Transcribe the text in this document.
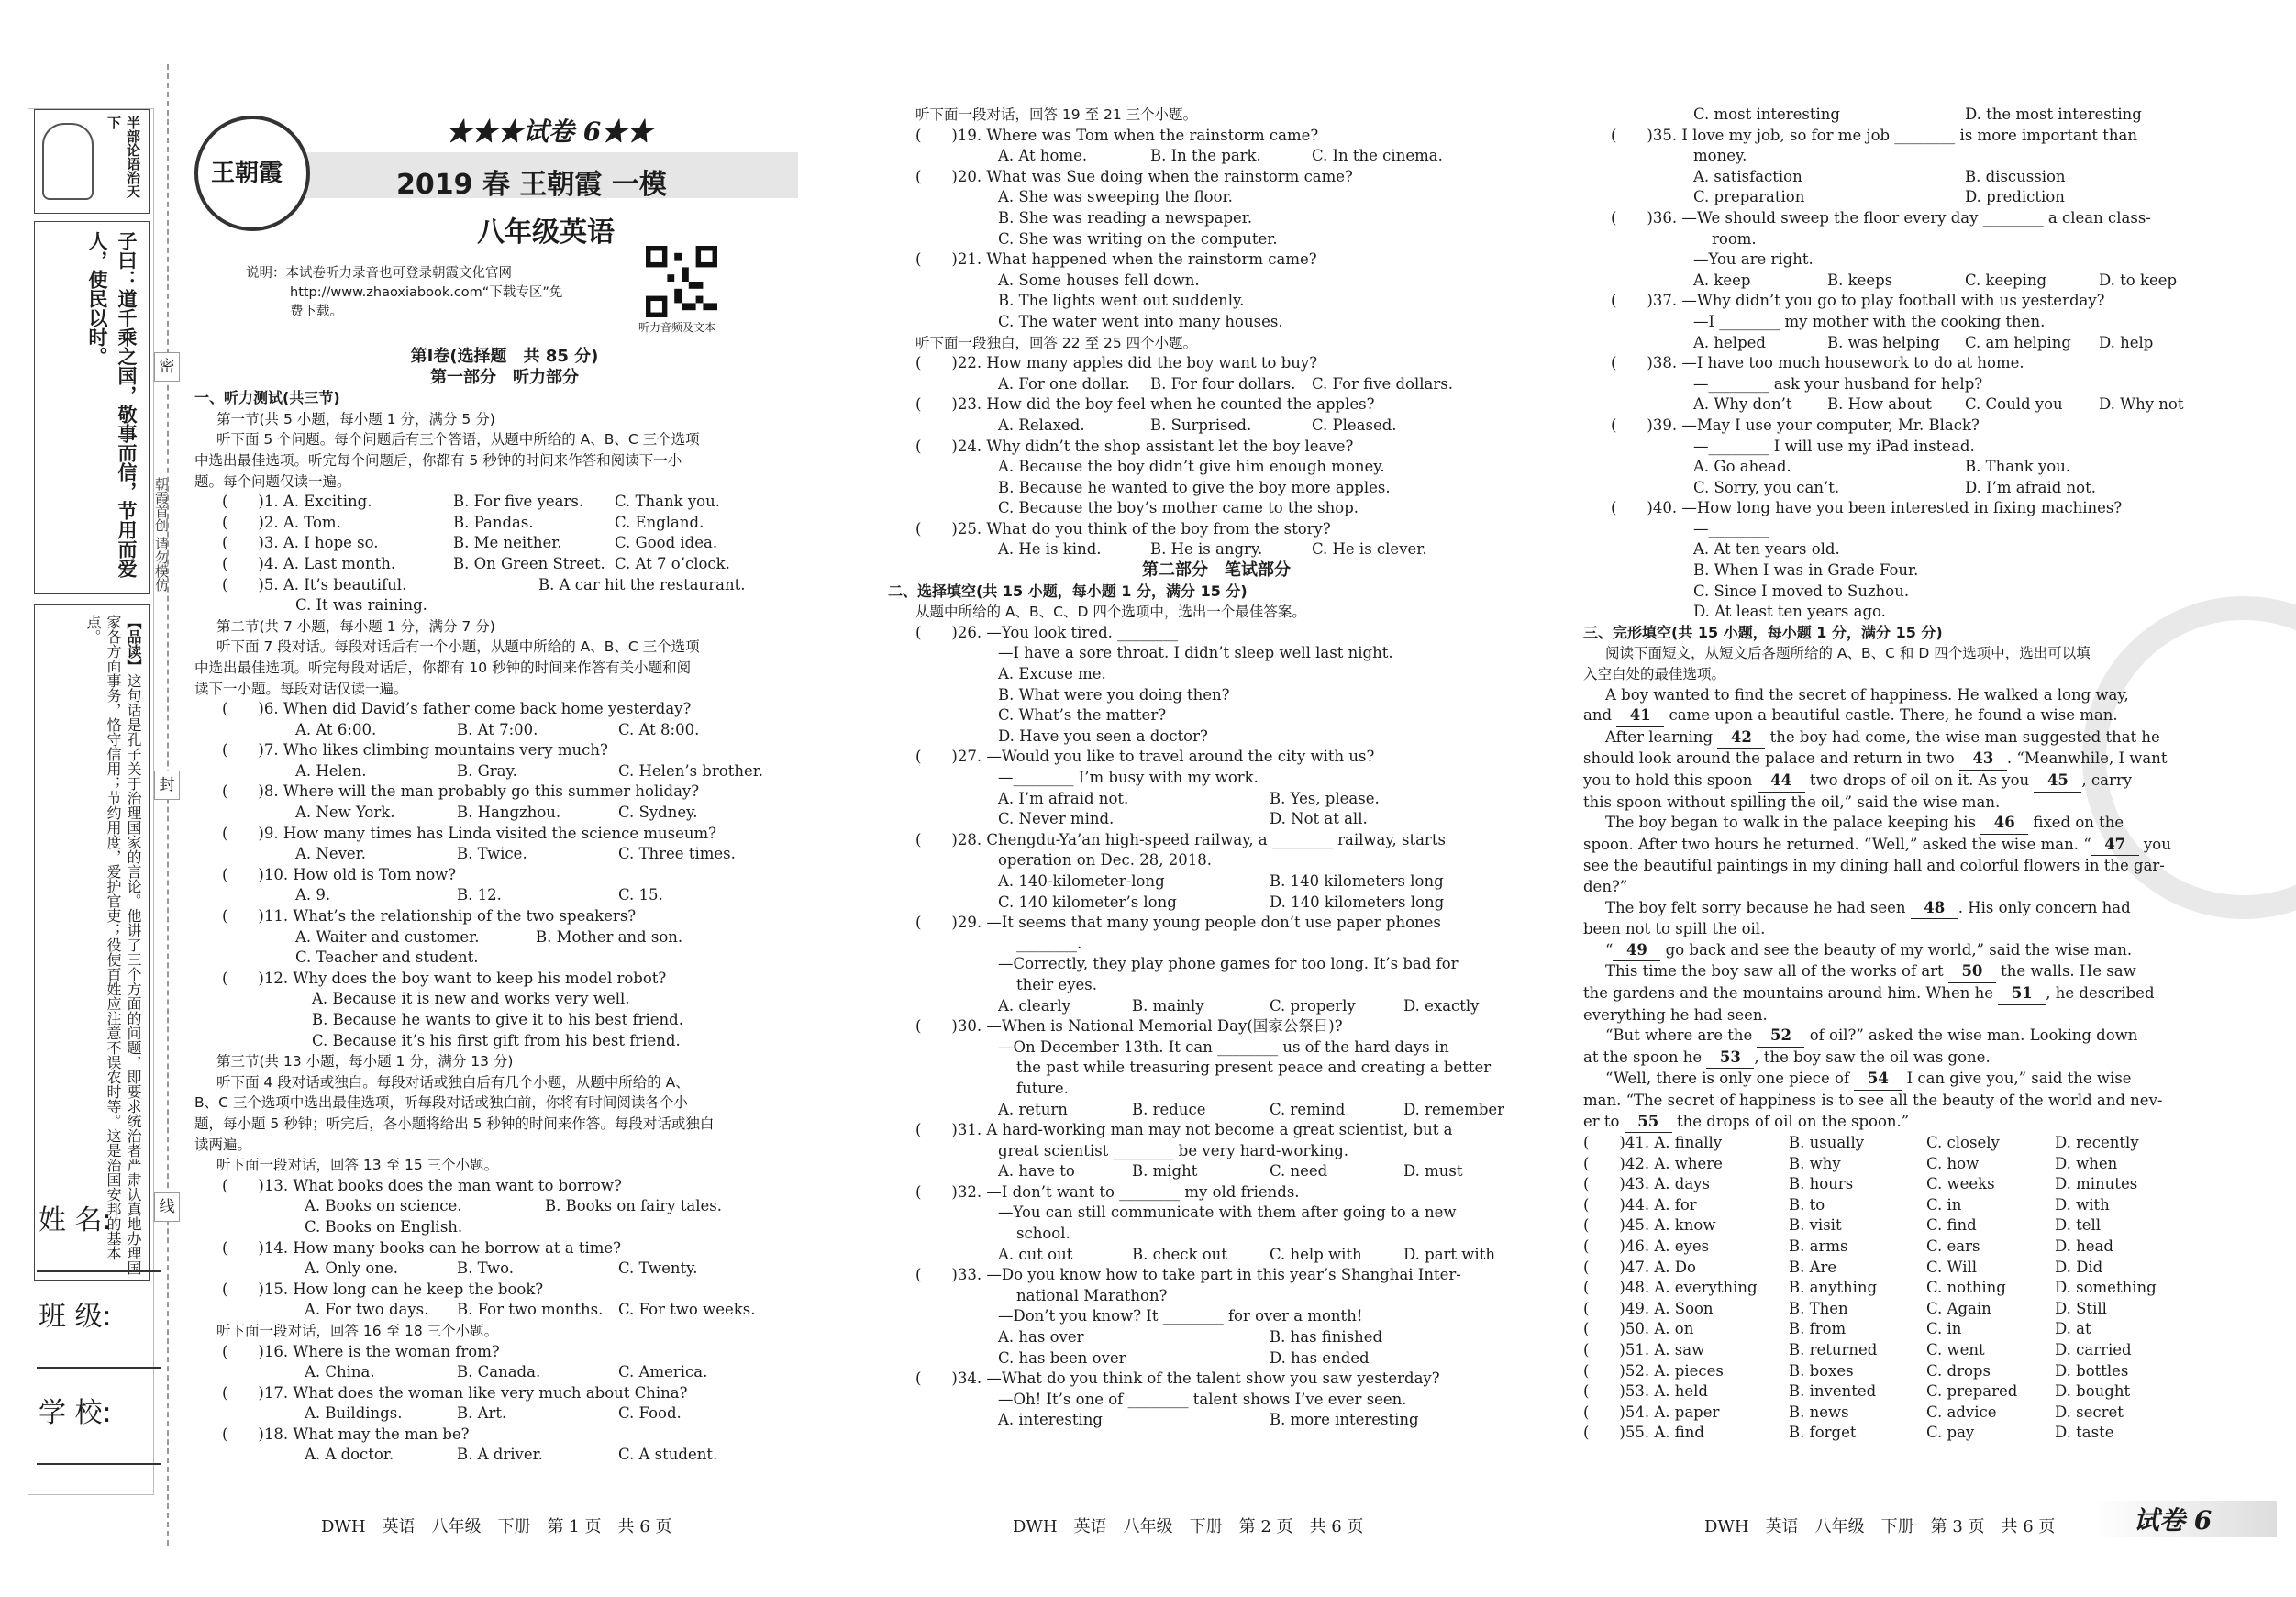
半部论语治天下
子曰：道千乘之国，敬事而信，节用而爱人，使民以时。
【品读】这句话是孔子关于治理国家的言论。他讲了三个方面的问题，即要求统治者严肃认真地办理国家各方面事务，恪守信用；节约用度，爱护官吏；役使百姓应注意不误农时等。这是治国安邦的基本点。
朝霞首创 请勿模仿
姓 名:
班 级:
学 校:
密
封
线
王朝霞
★★★试卷 6★★
2019 春 王朝霞 一模
八年级英语
说明：本试卷听力录音也可登录朝霞文化官网
http://www.zhaoxiabook.com“下载专区”免
费下载。
听力音频及文本
第Ⅰ卷(选择题　共 85 分)
第一部分　听力部分

一、听力测试(共三节)

第一节(共 5 小题，每小题 1 分，满分 5 分)

听下面 5 个问题。每个问题后有三个答语，从题中所给的 A、B、C 三个选项

中选出最佳选项。听完每个问题后，你都有 5 秒钟的时间来作答和阅读下一小

题。每个问题仅读一遍。

(　　)1. A. Exciting.	B. For five years.	C. Thank you.
(　　)2. A. Tom.	B. Pandas.	C. England.
(　　)3. A. I hope so.	B. Me neither.	C. Good idea.
(　　)4. A. Last month.	B. On Green Street. C. At 7 o’clock.
(　　)5. A. It’s beautiful.	B. A car hit the restaurant.

C. It was raining.

第二节(共 7 小题，每小题 1 分，满分 7 分)

听下面 7 段对话。每段对话后有一个小题，从题中所给的 A、B、C 三个选项

中选出最佳选项。听完每段对话后，你都有 10 秒钟的时间来作答有关小题和阅

读下一小题。每段对话仅读一遍。

(　　)6. When did David’s father come back home yesterday?

A. At 6:00.	B. At 7:00.	C. At 8:00.

(　　)7. Who likes climbing mountains very much?

A. Helen.	B. Gray.	C. Helen’s brother.

(　　)8. Where will the man probably go this summer holiday?

A. New York.	B. Hangzhou.	C. Sydney.

(　　)9. How many times has Linda visited the science museum?

A. Never.	B. Twice.	C. Three times.

(　　)10. How old is Tom now?

A. 9.	B. 12.	C. 15.

(　　)11. What’s the relationship of the two speakers?

A. Waiter and customer.	B. Mother and son.

C. Teacher and student.

(　　)12. Why does the boy want to keep his model robot?

A. Because it is new and works very well.

B. Because he wants to give it to his best friend.

C. Because it’s his first gift from his best friend.

第三节(共 13 小题，每小题 1 分，满分 13 分)

听下面 4 段对话或独白。每段对话或独白后有几个小题，从题中所给的 A、

B、C 三个选项中选出最佳选项，听每段对话或独白前，你将有时间阅读各个小

题，每小题 5 秒钟；听完后，各小题将给出 5 秒钟的时间来作答。每段对话或独白

读两遍。

听下面一段对话，回答 13 至 15 三个小题。

(　　)13. What books does the man want to borrow?

A. Books on science.	B. Books on fairy tales.

C. Books on English.

(　　)14. How many books can he borrow at a time?

A. Only one.	B. Two.	C. Twenty.

(　　)15. How long can he keep the book?

A. For two days.	B. For two months.	C. For two weeks.

听下面一段对话，回答 16 至 18 三个小题。

(　　)16. Where is the woman from?

A. China.	B. Canada.	C. America.

(　　)17. What does the woman like very much about China?

A. Buildings.	B. Art.	C. Food.

(　　)18. What may the man be?

A. A doctor.	B. A driver.	C. A student.

听下面一段对话，回答 19 至 21 三个小题。

(　　)19. Where was Tom when the rainstorm came?

A. At home.	B. In the park.	C. In the cinema.

(　　)20. What was Sue doing when the rainstorm came?

A. She was sweeping the floor.

B. She was reading a newspaper.

C. She was writing on the computer.

(　　)21. What happened when the rainstorm came?

A. Some houses fell down.

B. The lights went out suddenly.

C. The water went into many houses.

听下面一段独白，回答 22 至 25 四个小题。

(　　)22. How many apples did the boy want to buy?

A. For one dollar.	B. For four dollars.	C. For five dollars.

(　　)23. How did the boy feel when he counted the apples?

A. Relaxed.	B. Surprised.	C. Pleased.

(　　)24. Why didn’t the shop assistant let the boy leave?

A. Because the boy didn’t give him enough money.

B. Because he wanted to give the boy more apples.

C. Because the boy’s mother came to the shop.

(　　)25. What do you think of the boy from the story?

A. He is kind.	B. He is angry.	C. He is clever.
第二部分　笔试部分

二、选择填空(共 15 小题，每小题 1 分，满分 15 分)

从题中所给的 A、B、C、D 四个选项中，选出一个最佳答案。

(　　)26. —You look tired. ________

—I have a sore throat. I didn’t sleep well last night.

A. Excuse me.

B. What were you doing then?

C. What’s the matter?

D. Have you seen a doctor?

(　　)27. —Would you like to travel around the city with us?

—________ I’m busy with my work.

A. I’m afraid not.	B. Yes, please.
C. Never mind.	D. Not at all.

(　　)28. Chengdu-Ya’an high-speed railway, a ________ railway, starts

operation on Dec. 28, 2018.

A. 140-kilometer-long	B. 140 kilometers long
C. 140 kilometer’s long	D. 140 kilometers long

(　　)29. —It seems that many young people don’t use paper phones

________.

—Correctly, they play phone games for too long. It’s bad for

their eyes.

A. clearly	B. mainly	C. properly	D. exactly

(　　)30. —When is National Memorial Day(国家公祭日)?

—On December 13th. It can ________ us of the hard days in

the past while treasuring present peace and creating a better

future.

A. return	B. reduce	C. remind	D. remember

(　　)31. A hard-working man may not become a great scientist, but a

great scientist ________ be very hard-working.

A. have to	B. might	C. need	D. must

(　　)32. —I don’t want to ________ my old friends.

—You can still communicate with them after going to a new

school.

A. cut out	B. check out	C. help with	D. part with

(　　)33. —Do you know how to take part in this year’s Shanghai Inter-

national Marathon?

—Don’t you know? It ________ for over a month!

A. has over	B. has finished
C. has been over	D. has ended

(　　)34. —What do you think of the talent show you saw yesterday?

—Oh! It’s one of ________ talent shows I’ve ever seen.

A. interesting	B. more interesting
C. most interesting	D. the most interesting

(　　)35. I love my job, so for me job ________ is more important than

money.

A. satisfaction	B. discussion
C. preparation	D. prediction

(　　)36. —We should sweep the floor every day ________ a clean class-

room.

—You are right.

A. keep	B. keeps	C. keeping	D. to keep

(　　)37. —Why didn’t you go to play football with us yesterday?

—I ________ my mother with the cooking then.

A. helped	B. was helping	C. am helping	D. help

(　　)38. —I have too much housework to do at home.

—________ ask your husband for help?

A. Why don’t	B. How about	C. Could you	D. Why not

(　　)39. —May I use your computer, Mr. Black?

—________ I will use my iPad instead.

A. Go ahead.	B. Thank you.
C. Sorry, you can’t.	D. I’m afraid not.

(　　)40. —How long have you been interested in fixing machines?

—________

A. At ten years old.

B. When I was in Grade Four.

C. Since I moved to Suzhou.

D. At least ten years ago.

三、完形填空(共 15 小题，每小题 1 分，满分 15 分)

阅读下面短文，从短文后各题所给的 A、B、C 和 D 四个选项中，选出可以填

入空白处的最佳选项。

A boy wanted to find the secret of happiness. He walked a long way,

and 41 came upon a beautiful castle. There, he found a wise man.

After learning 42 the boy had come, the wise man suggested that he

should look around the palace and return in two 43 . “Meanwhile, I want

you to hold this spoon 44 two drops of oil on it. As you 45 , carry

this spoon without spilling the oil,” said the wise man.

The boy began to walk in the palace keeping his 46 fixed on the

spoon. After two hours he returned. “Well,” asked the wise man. “ 47 you

see the beautiful paintings in my dining hall and colorful flowers in the gar-

den?”

The boy felt sorry because he had seen 48 . His only concern had

been not to spill the oil.

“ 49 go back and see the beauty of my world,” said the wise man.

This time the boy saw all of the works of art 50 the walls. He saw

the gardens and the mountains around him. When he 51 , he described

everything he had seen.

“But where are the 52 of oil?” asked the wise man. Looking down

at the spoon he 53 , the boy saw the oil was gone.

“Well, there is only one piece of 54 I can give you,” said the wise

man. “The secret of happiness is to see all the beauty of the world and nev-

er to 55 the drops of oil on the spoon.”

(　　)41. A. finally	B. usually	C. closely	D. recently
(　　)42. A. where	B. why	C. how	D. when
(　　)43. A. days	B. hours	C. weeks	D. minutes
(　　)44. A. for	B. to	C. in	D. with
(　　)45. A. know	B. visit	C. find	D. tell
(　　)46. A. eyes	B. arms	C. ears	D. head
(　　)47. A. Do	B. Are	C. Will	D. Did
(　　)48. A. everything	B. anything	C. nothing	D. something
(　　)49. A. Soon	B. Then	C. Again	D. Still
(　　)50. A. on	B. from	C. in	D. at
(　　)51. A. saw	B. returned	C. went	D. carried
(　　)52. A. pieces	B. boxes	C. drops	D. bottles
(　　)53. A. held	B. invented	C. prepared	D. bought
(　　)54. A. paper	B. news	C. advice	D. secret
(　　)55. A. find	B. forget	C. pay	D. taste
DWH　英语　八年级　下册　第 1 页　共 6 页	DWH　英语　八年级　下册　第 2 页　共 6 页	DWH　英语　八年级　下册　第 3 页　共 6 页	试卷 6
